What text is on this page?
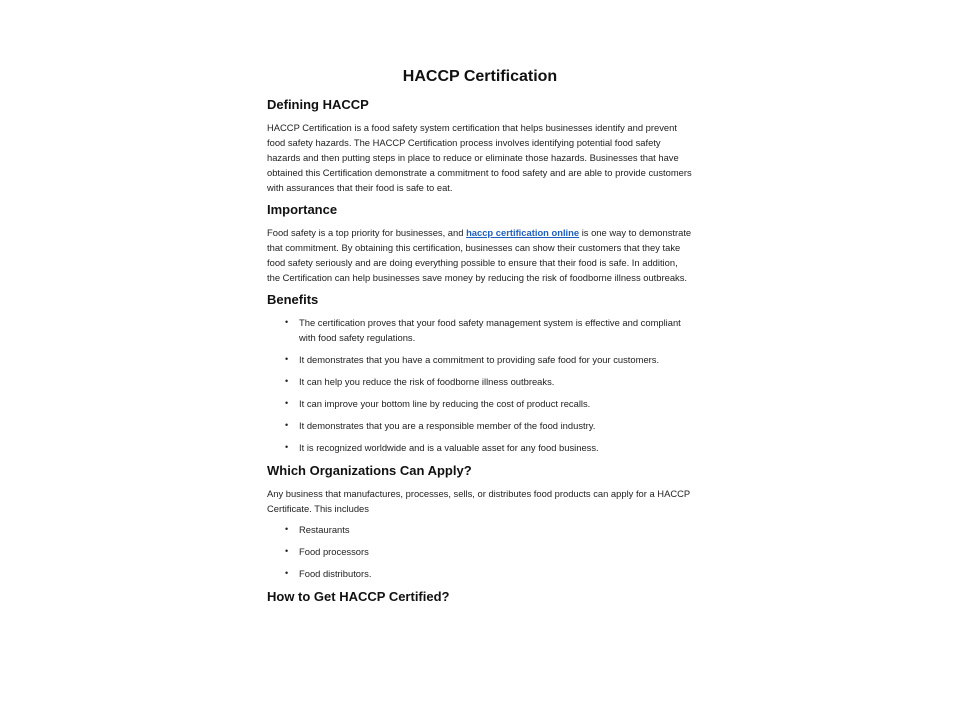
HACCP Certification
Defining HACCP

HACCP Certification is a food safety system certification that helps businesses identify and prevent food safety hazards. The HACCP Certification process involves identifying potential food safety hazards and then putting steps in place to reduce or eliminate those hazards. Businesses that have obtained this Certification demonstrate a commitment to food safety and are able to provide customers with assurances that their food is safe to eat.

Importance

Food safety is a top priority for businesses, and haccp certification online is one way to demonstrate that commitment. By obtaining this certification, businesses can show their customers that they take food safety seriously and are doing everything possible to ensure that their food is safe. In addition, the Certification can help businesses save money by reducing the risk of foodborne illness outbreaks.

Benefits
• The certification proves that your food safety management system is effective and compliant with food safety regulations.
• It demonstrates that you have a commitment to providing safe food for your customers.
• It can help you reduce the risk of foodborne illness outbreaks.
• It can improve your bottom line by reducing the cost of product recalls.
• It demonstrates that you are a responsible member of the food industry.
• It is recognized worldwide and is a valuable asset for any food business.
Which Organizations Can Apply?

Any business that manufactures, processes, sells, or distributes food products can apply for a HACCP Certificate. This includes

• Restaurants
• Food processors
• Food distributors.
How to Get HACCP Certified?
